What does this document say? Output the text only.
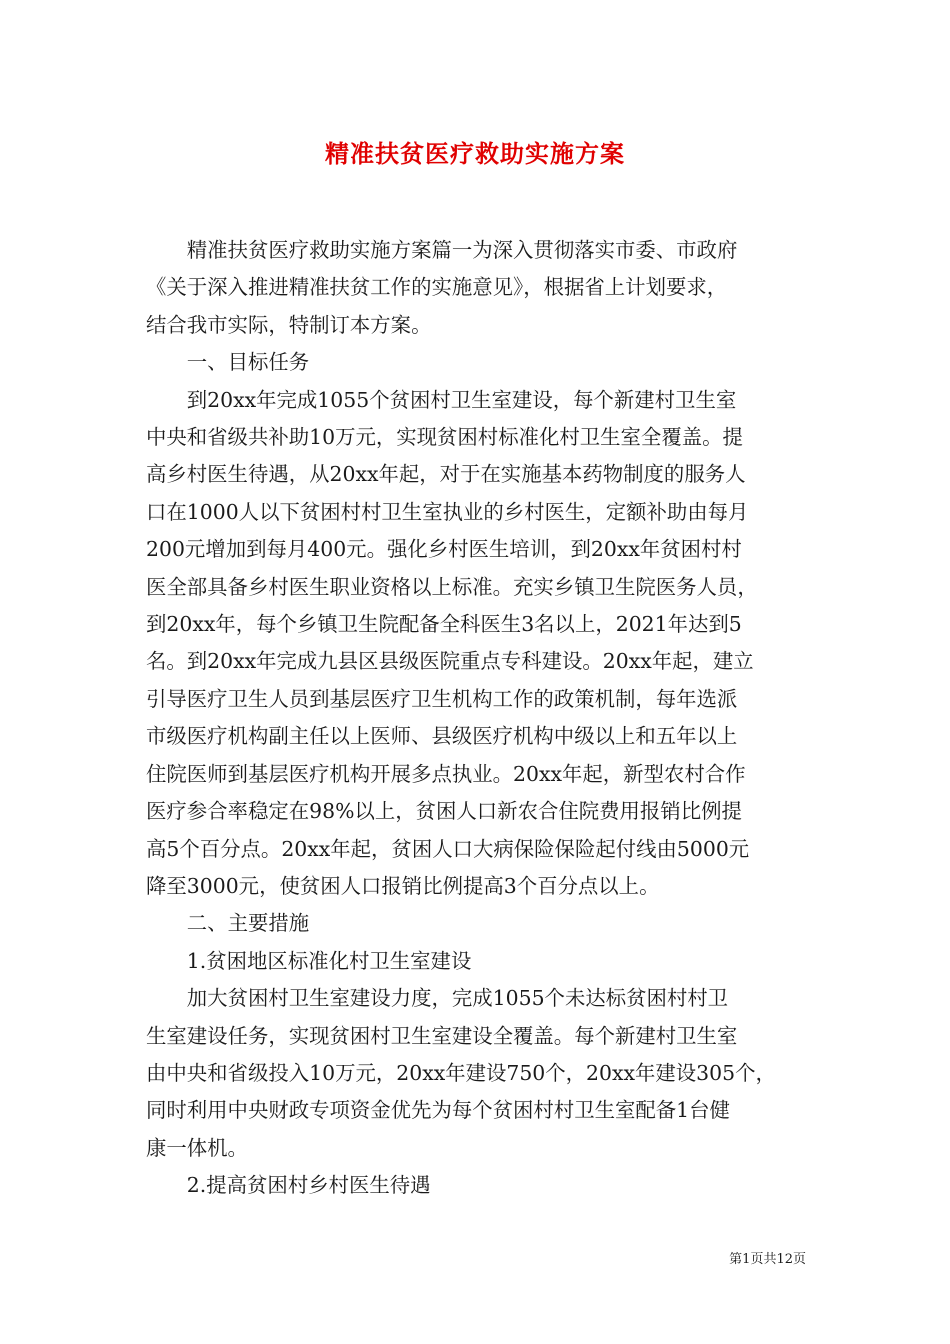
精准扶贫医疗救助实施方案

精准扶贫医疗救助实施方案篇一为深入贯彻落实市委、市政府
《关于深入推进精准扶贫工作的实施意见》，根据省上计划要求，
结合我市实际，特制订本方案。

一、目标任务

到20xx年完成1055个贫困村卫生室建设，每个新建村卫生室
中央和省级共补助10万元，实现贫困村标准化村卫生室全覆盖。提
高乡村医生待遇，从20xx年起，对于在实施基本药物制度的服务人
口在1000人以下贫困村村卫生室执业的乡村医生，定额补助由每月
200元增加到每月400元。强化乡村医生培训，到20xx年贫困村村
医全部具备乡村医生职业资格以上标准。充实乡镇卫生院医务人员，
到20xx年，每个乡镇卫生院配备全科医生3名以上，2021年达到5
名。到20xx年完成九县区县级医院重点专科建设。20xx年起，建立
引导医疗卫生人员到基层医疗卫生机构工作的政策机制，每年选派
市级医疗机构副主任以上医师、县级医疗机构中级以上和五年以上
住院医师到基层医疗机构开展多点执业。20xx年起，新型农村合作
医疗参合率稳定在98%以上，贫困人口新农合住院费用报销比例提
高5个百分点。20xx年起，贫困人口大病保险保险起付线由5000元
降至3000元，使贫困人口报销比例提高3个百分点以上。

二、主要措施

1.贫困地区标准化村卫生室建设

加大贫困村卫生室建设力度，完成1055个未达标贫困村村卫
生室建设任务，实现贫困村卫生室建设全覆盖。每个新建村卫生室
由中央和省级投入10万元，20xx年建设750个，20xx年建设305个，
同时利用中央财政专项资金优先为每个贫困村村卫生室配备1台健
康一体机。

2.提高贫困村乡村医生待遇

第1页共12页
